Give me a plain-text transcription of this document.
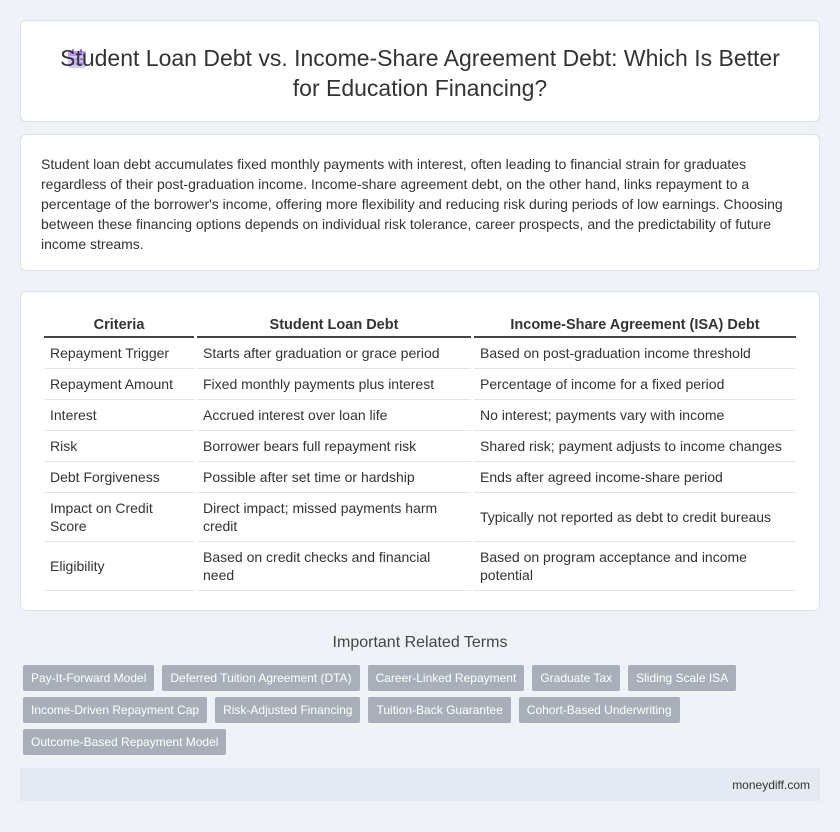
Student Loan Debt vs. Income-Share Agreement Debt: Which Is Better for Education Financing?

Student loan debt accumulates fixed monthly payments with interest, often leading to financial strain for graduates regardless of their post-graduation income. Income-share agreement debt, on the other hand, links repayment to a percentage of the borrower's income, offering more flexibility and reducing risk during periods of low earnings. Choosing between these financing options depends on individual risk tolerance, career prospects, and the predictability of future income streams.

Criteria	Student Loan Debt	Income-Share Agreement (ISA) Debt
Repayment Trigger	Starts after graduation or grace period	Based on post-graduation income threshold
Repayment Amount	Fixed monthly payments plus interest	Percentage of income for a fixed period
Interest	Accrued interest over loan life	No interest; payments vary with income
Risk	Borrower bears full repayment risk	Shared risk; payment adjusts to income changes
Debt Forgiveness	Possible after set time or hardship	Ends after agreed income-share period
Impact on Credit Score	Direct impact; missed payments harm credit	Typically not reported as debt to credit bureaus
Eligibility	Based on credit checks and financial need	Based on program acceptance and income potential
Important Related Terms
Pay-It-Forward Model	Deferred Tuition Agreement (DTA)	Career-Linked Repayment	Graduate Tax	Sliding Scale ISA
Income-Driven Repayment Cap	Risk-Adjusted Financing	Tuition-Back Guarantee	Cohort-Based Underwriting
Outcome-Based Repayment Model
moneydiff.com
